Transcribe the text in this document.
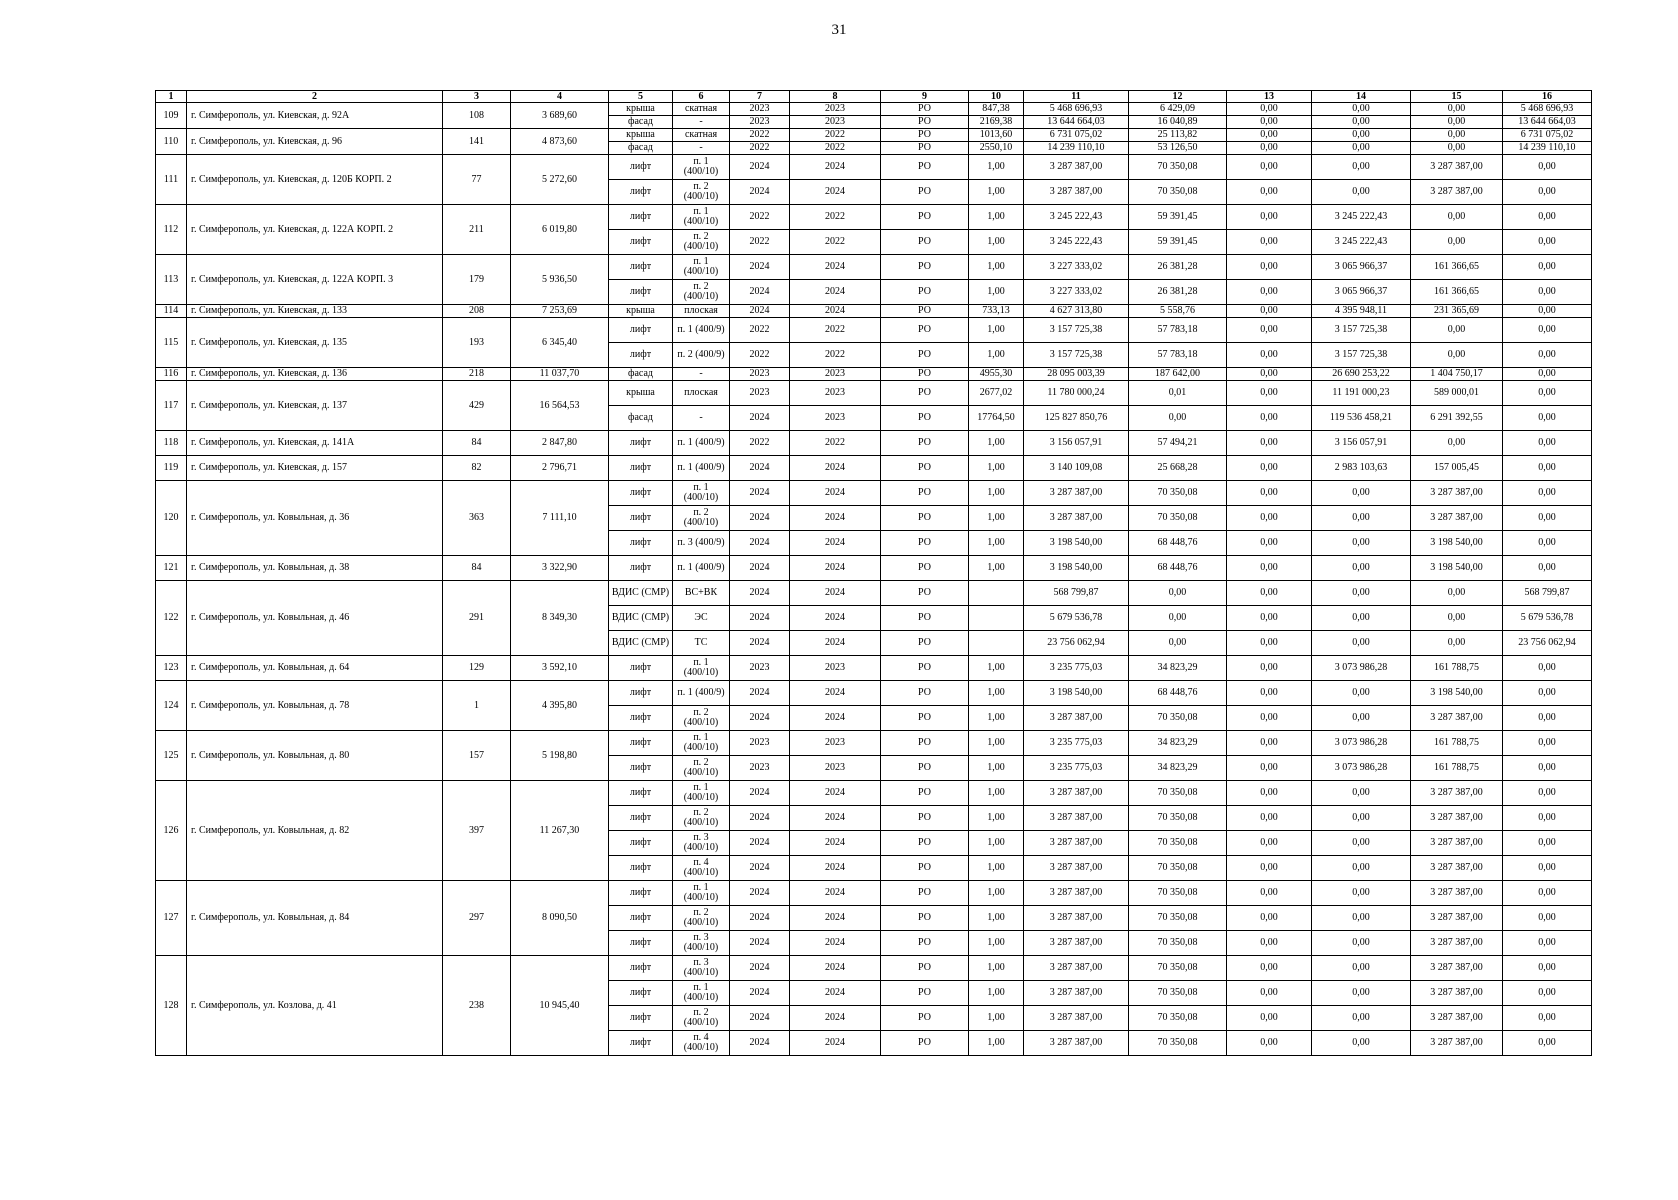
31
1	2	3	4	5	6	7	8	9	10	11	12	13	14	15	16
109	г. Симферополь, ул. Киевская, д. 92А	108	3 689,60	крыша	скатная	2023	2023	РО	847,38	5 468 696,93	6 429,09	0,00	0,00	0,00	5 468 696,93
				фасад	-	2023	2023	РО	2169,38	13 644 664,03	16 040,89	0,00	0,00	0,00	13 644 664,03
110	г. Симферополь, ул. Киевская, д. 96	141	4 873,60	крыша	скатная	2022	2022	РО	1013,60	6 731 075,02	25 113,82	0,00	0,00	0,00	6 731 075,02
				фасад	-	2022	2022	РО	2550,10	14 239 110,10	53 126,50	0,00	0,00	0,00	14 239 110,10
111	г. Симферополь, ул. Киевская, д. 120Б КОРП. 2	77	5 272,60	лифт	п. 1 (400/10)	2024	2024	РО	1,00	3 287 387,00	70 350,08	0,00	0,00	3 287 387,00	0,00
				лифт	п. 2 (400/10)	2024	2024	РО	1,00	3 287 387,00	70 350,08	0,00	0,00	3 287 387,00	0,00
112	г. Симферополь, ул. Киевская, д. 122А КОРП. 2	211	6 019,80	лифт	п. 1 (400/10)	2022	2022	РО	1,00	3 245 222,43	59 391,45	0,00	3 245 222,43	0,00	0,00
				лифт	п. 2 (400/10)	2022	2022	РО	1,00	3 245 222,43	59 391,45	0,00	3 245 222,43	0,00	0,00
113	г. Симферополь, ул. Киевская, д. 122А КОРП. 3	179	5 936,50	лифт	п. 1 (400/10)	2024	2024	РО	1,00	3 227 333,02	26 381,28	0,00	3 065 966,37	161 366,65	0,00
				лифт	п. 2 (400/10)	2024	2024	РО	1,00	3 227 333,02	26 381,28	0,00	3 065 966,37	161 366,65	0,00
114	г. Симферополь, ул. Киевская, д. 133	208	7 253,69	крыша	плоская	2024	2024	РО	733,13	4 627 313,80	5 558,76	0,00	4 395 948,11	231 365,69	0,00
115	г. Симферополь, ул. Киевская, д. 135	193	6 345,40	лифт	п. 1 (400/9)	2022	2022	РО	1,00	3 157 725,38	57 783,18	0,00	3 157 725,38	0,00	0,00
				лифт	п. 2 (400/9)	2022	2022	РО	1,00	3 157 725,38	57 783,18	0,00	3 157 725,38	0,00	0,00
116	г. Симферополь, ул. Киевская, д. 136	218	11 037,70	фасад	-	2023	2023	РО	4955,30	28 095 003,39	187 642,00	0,00	26 690 253,22	1 404 750,17	0,00
117	г. Симферополь, ул. Киевская, д. 137	429	16 564,53	крыша	плоская	2023	2023	РО	2677,02	11 780 000,24	0,01	0,00	11 191 000,23	589 000,01	0,00
				фасад	-	2024	2023	РО	17764,50	125 827 850,76	0,00	0,00	119 536 458,21	6 291 392,55	0,00
118	г. Симферополь, ул. Киевская, д. 141А	84	2 847,80	лифт	п. 1 (400/9)	2022	2022	РО	1,00	3 156 057,91	57 494,21	0,00	3 156 057,91	0,00	0,00
119	г. Симферополь, ул. Киевская, д. 157	82	2 796,71	лифт	п. 1 (400/9)	2024	2024	РО	1,00	3 140 109,08	25 668,28	0,00	2 983 103,63	157 005,45	0,00
120	г. Симферополь, ул. Ковыльная, д. 36	363	7 111,10	лифт	п. 1 (400/10)	2024	2024	РО	1,00	3 287 387,00	70 350,08	0,00	0,00	3 287 387,00	0,00
				лифт	п. 2 (400/10)	2024	2024	РО	1,00	3 287 387,00	70 350,08	0,00	0,00	3 287 387,00	0,00
				лифт	п. 3 (400/9)	2024	2024	РО	1,00	3 198 540,00	68 448,76	0,00	0,00	3 198 540,00	0,00
121	г. Симферополь, ул. Ковыльная, д. 38	84	3 322,90	лифт	п. 1 (400/9)	2024	2024	РО	1,00	3 198 540,00	68 448,76	0,00	0,00	3 198 540,00	0,00
122	г. Симферополь, ул. Ковыльная, д. 46	291	8 349,30	ВДИС (СМР)	ВС+ВК	2024	2024	РО		568 799,87	0,00	0,00	0,00	0,00	568 799,87
				ВДИС (СМР)	ЭС	2024	2024	РО		5 679 536,78	0,00	0,00	0,00	0,00	5 679 536,78
				ВДИС (СМР)	ТС	2024	2024	РО		23 756 062,94	0,00	0,00	0,00	0,00	23 756 062,94
123	г. Симферополь, ул. Ковыльная, д. 64	129	3 592,10	лифт	п. 1 (400/10)	2023	2023	РО	1,00	3 235 775,03	34 823,29	0,00	3 073 986,28	161 788,75	0,00
124	г. Симферополь, ул. Ковыльная, д. 78	1	4 395,80	лифт	п. 1 (400/9)	2024	2024	РО	1,00	3 198 540,00	68 448,76	0,00	0,00	3 198 540,00	0,00
				лифт	п. 2 (400/10)	2024	2024	РО	1,00	3 287 387,00	70 350,08	0,00	0,00	3 287 387,00	0,00
125	г. Симферополь, ул. Ковыльная, д. 80	157	5 198,80	лифт	п. 1 (400/10)	2023	2023	РО	1,00	3 235 775,03	34 823,29	0,00	3 073 986,28	161 788,75	0,00
				лифт	п. 2 (400/10)	2023	2023	РО	1,00	3 235 775,03	34 823,29	0,00	3 073 986,28	161 788,75	0,00
126	г. Симферополь, ул. Ковыльная, д. 82	397	11 267,30	лифт	п. 1 (400/10)	2024	2024	РО	1,00	3 287 387,00	70 350,08	0,00	0,00	3 287 387,00	0,00
				лифт	п. 2 (400/10)	2024	2024	РО	1,00	3 287 387,00	70 350,08	0,00	0,00	3 287 387,00	0,00
				лифт	п. 3 (400/10)	2024	2024	РО	1,00	3 287 387,00	70 350,08	0,00	0,00	3 287 387,00	0,00
				лифт	п. 4 (400/10)	2024	2024	РО	1,00	3 287 387,00	70 350,08	0,00	0,00	3 287 387,00	0,00
127	г. Симферополь, ул. Ковыльная, д. 84	297	8 090,50	лифт	п. 1 (400/10)	2024	2024	РО	1,00	3 287 387,00	70 350,08	0,00	0,00	3 287 387,00	0,00
				лифт	п. 2 (400/10)	2024	2024	РО	1,00	3 287 387,00	70 350,08	0,00	0,00	3 287 387,00	0,00
				лифт	п. 3 (400/10)	2024	2024	РО	1,00	3 287 387,00	70 350,08	0,00	0,00	3 287 387,00	0,00
128	г. Симферополь, ул. Козлова, д. 41	238	10 945,40	лифт	п. 3 (400/10)	2024	2024	РО	1,00	3 287 387,00	70 350,08	0,00	0,00	3 287 387,00	0,00
				лифт	п. 1 (400/10)	2024	2024	РО	1,00	3 287 387,00	70 350,08	0,00	0,00	3 287 387,00	0,00
				лифт	п. 2 (400/10)	2024	2024	РО	1,00	3 287 387,00	70 350,08	0,00	0,00	3 287 387,00	0,00
				лифт	п. 4 (400/10)	2024	2024	РО	1,00	3 287 387,00	70 350,08	0,00	0,00	3 287 387,00	0,00
